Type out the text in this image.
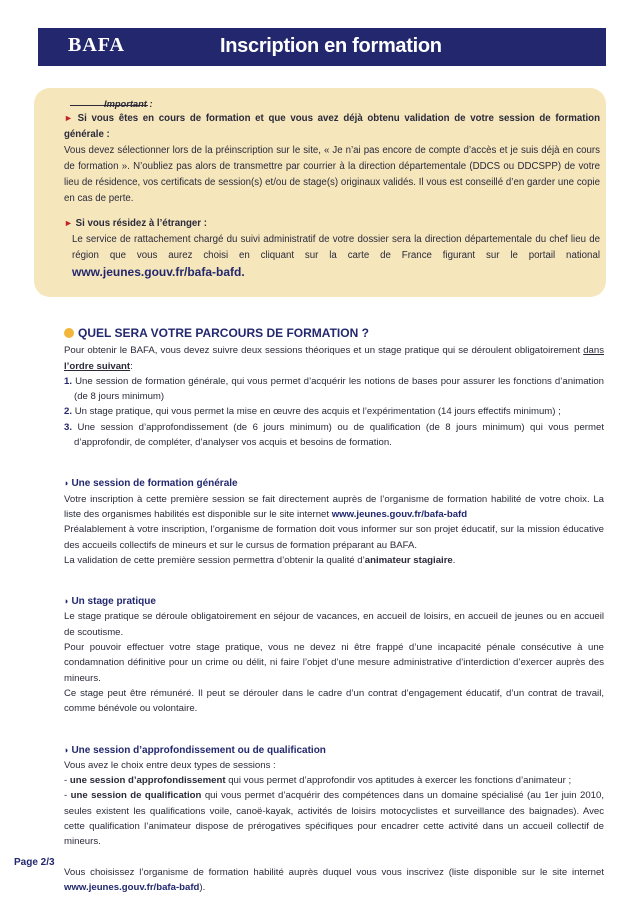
BAFA	Inscription en formation
Important :
► Si vous êtes en cours de formation et que vous avez déjà obtenu validation de votre session de formation générale :
Vous devez sélectionner lors de la préinscription sur le site, « Je n’ai pas encore de compte d’accès et je suis déjà en cours de formation ». N’oubliez pas alors de transmettre par courrier à la direction départementale (DDCS ou DDCSPP) de votre lieu de résidence, vos certificats de session(s) et/ou de stage(s) originaux validés. Il vous est conseillé d’en garder une copie en cas de perte.
► Si vous résidez à l’étranger :
Le service de rattachement chargé du suivi administratif de votre dossier sera la direction départementale du chef lieu de région que vous aurez choisi en cliquant sur la carte de France figurant sur le portail national www.jeunes.gouv.fr/bafa-bafd.
QUEL SERA VOTRE PARCOURS DE FORMATION ?
Pour obtenir le BAFA, vous devez suivre deux sessions théoriques et un stage pratique qui se déroulent obligatoirement dans l’ordre suivant:
1. Une session de formation générale, qui vous permet d’acquérir les notions de bases pour assurer les fonctions d’animation (de 8 jours minimum)
2. Un stage pratique, qui vous permet la mise en œuvre des acquis et l’expérimentation (14 jours effectifs minimum) ;
3. Une session d’approfondissement (de 6 jours minimum) ou de qualification (de 8 jours minimum) qui vous permet d’approfondir, de compléter, d’analyser vos acquis et besoins de formation.
◗ Une session de formation générale
Votre inscription à cette première session se fait directement auprès de l’organisme de formation habilité de votre choix. La liste des organismes habilités est disponible sur le site internet www.jeunes.gouv.fr/bafa-bafd
Préalablement à votre inscription, l’organisme de formation doit vous informer sur son projet éducatif, sur la mission éducative des accueils collectifs de mineurs et sur le cursus de formation préparant au BAFA.
La validation de cette première session permettra d’obtenir la qualité d’animateur stagiaire.
◗ Un stage pratique
Le stage pratique se déroule obligatoirement en séjour de vacances, en accueil de loisirs, en accueil de jeunes ou en accueil de scoutisme.
Pour pouvoir effectuer votre stage pratique, vous ne devez ni être frappé d’une incapacité pénale consécutive à une condamnation définitive pour un crime ou délit, ni faire l’objet d’une mesure administrative d’interdiction d’exercer auprès des mineurs.
Ce stage peut être rémunéré. Il peut se dérouler dans le cadre d’un contrat d’engagement éducatif, d’un contrat de travail, comme bénévole ou volontaire.
◗ Une session d’approfondissement ou de qualification
Vous avez le choix entre deux types de sessions :
- une session d’approfondissement qui vous permet d’approfondir vos aptitudes à exercer les fonctions d’animateur ;
- une session de qualification qui vous permet d’acquérir des compétences dans un domaine spécialisé (au 1er juin 2010, seules existent les qualifications voile, canoë-kayak, activités de loisirs motocyclistes et surveillance des baignades). Avec cette qualification l’animateur dispose de prérogatives spécifiques pour encadrer cette activité dans un accueil collectif de mineurs.
Vous choisissez l’organisme de formation habilité auprès duquel vous vous inscrivez (liste disponible sur le site internet www.jeunes.gouv.fr/bafa-bafd).
Page 2/3
